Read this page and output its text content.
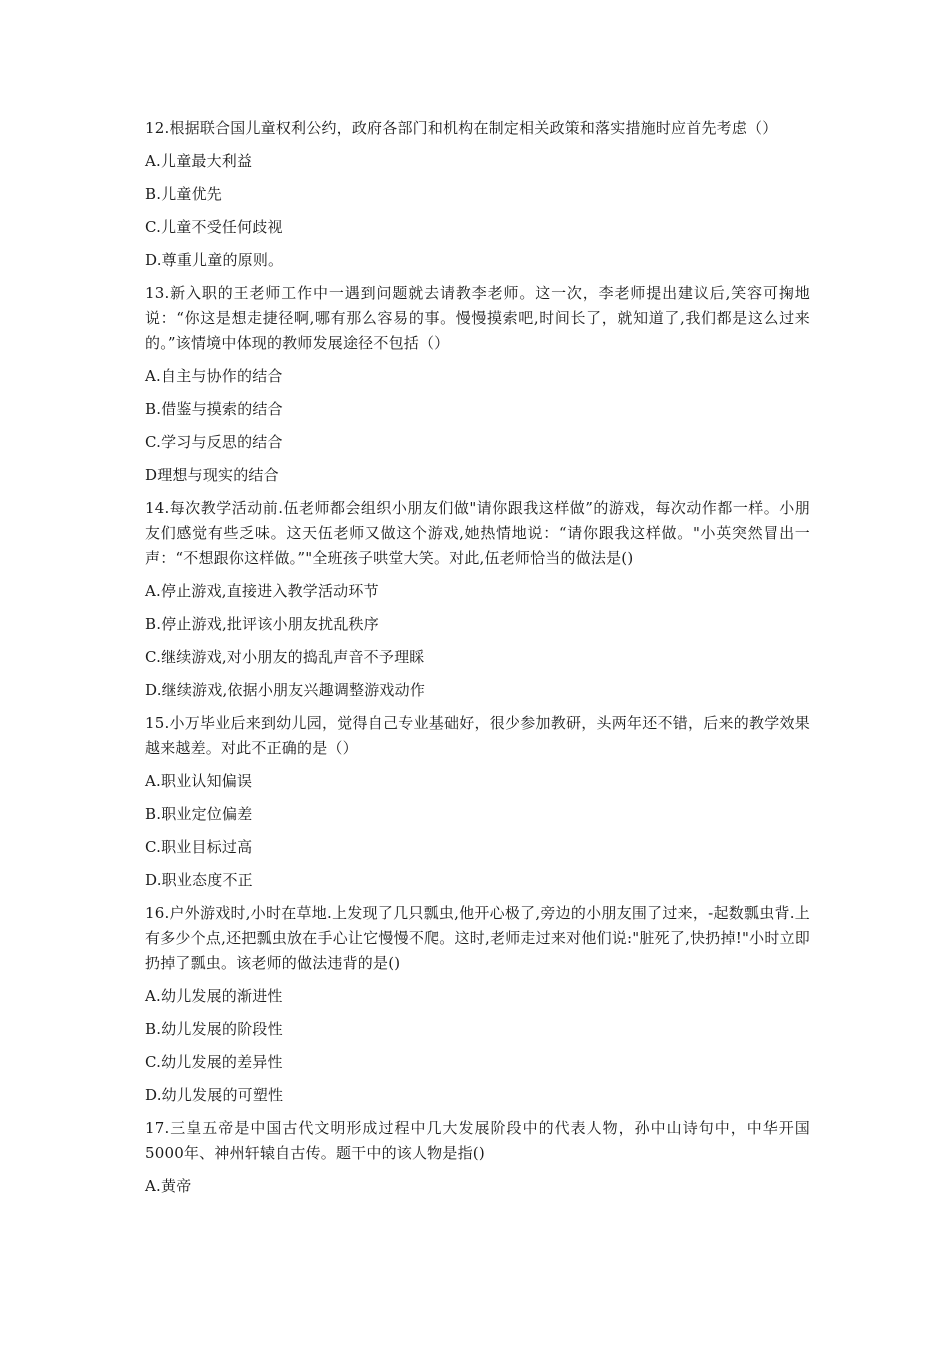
12.根据联合国儿童权利公约，政府各部门和机构在制定相关政策和落实措施时应首先考虑（）

A.儿童最大利益

B.儿童优先

C.儿童不受任何歧视

D.尊重儿童的原则。

13.新入职的王老师工作中一遇到问题就去请教李老师。这一次，李老师提出建议后,笑容可掬地说：“你这是想走捷径啊,哪有那么容易的事。慢慢摸索吧,时间长了，就知道了,我们都是这么过来的。”该情境中体现的教师发展途径不包括（）

A.自主与协作的结合

B.借鉴与摸索的结合

C.学习与反思的结合

D理想与现实的结合

14.每次教学活动前.伍老师都会组织小朋友们做"请你跟我这样做”的游戏，每次动作都一样。小朋友们感觉有些乏味。这天伍老师又做这个游戏,她热情地说：“请你跟我这样做。"小英突然冒出一声：“不想跟你这样做。”"全班孩子哄堂大笑。对此,伍老师恰当的做法是()

A.停止游戏,直接进入教学活动环节

B.停止游戏,批评该小朋友扰乱秩序

C.继续游戏,对小朋友的捣乱声音不予理睬

D.继续游戏,依据小朋友兴趣调整游戏动作

15.小万毕业后来到幼儿园，觉得自己专业基础好，很少参加教研，头两年还不错，后来的教学效果越来越差。对此不正确的是（）

A.职业认知偏误

B.职业定位偏差

C.职业目标过高

D.职业态度不正

16.户外游戏时,小时在草地.上发现了几只瓢虫,他开心极了,旁边的小朋友围了过来，-起数瓢虫背.上有多少个点,还把瓢虫放在手心让它慢慢不爬。这时,老师走过来对他们说:"脏死了,快扔掉!"小时立即扔掉了瓢虫。该老师的做法违背的是()

A.幼儿发展的渐进性

B.幼儿发展的阶段性

C.幼儿发展的差异性

D.幼儿发展的可塑性

17.三皇五帝是中国古代文明形成过程中几大发展阶段中的代表人物，孙中山诗句中，中华开国5000年、神州轩辕自古传。题干中的该人物是指()

A.黄帝
